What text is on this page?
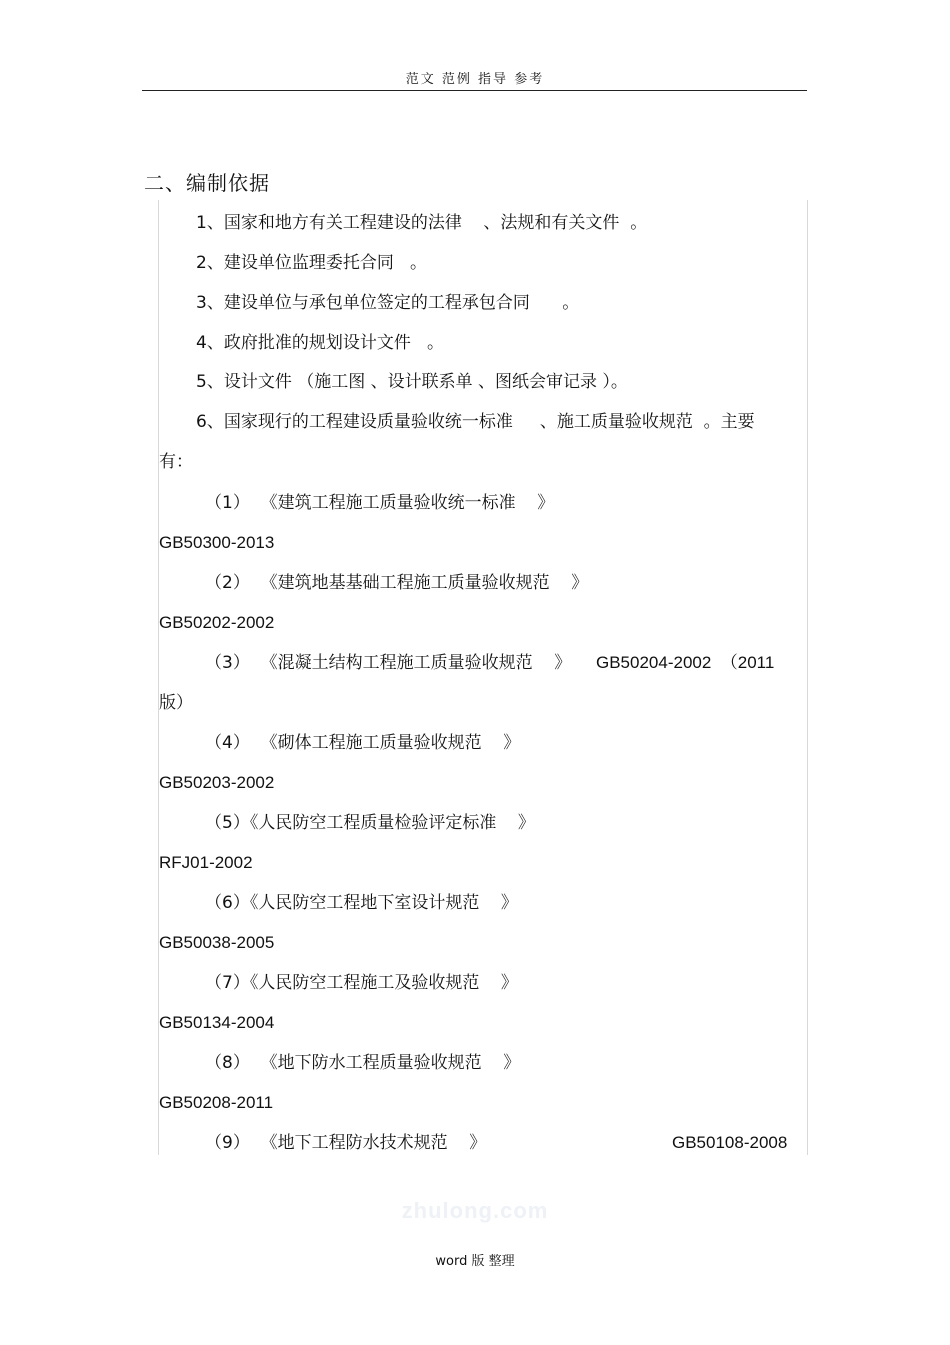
范文 范例 指导 参考
二、编制依据
1、国家和地方有关工程建设的法律    、法规和有关文件  。
2、建设单位监理委托合同   。
3、建设单位与承包单位签定的工程承包合同      。
4、政府批准的规划设计文件   。
5、设计文件 （施工图 、设计联系单 、图纸会审记录 ）。
6、国家现行的工程建设质量验收统一标准     、施工质量验收规范  。主要
有：
（1）  《建筑工程施工质量验收统一标准    》
GB50300-2013
（2）  《建筑地基基础工程施工质量验收规范    》
GB50202-2002
（3）  《混凝土结构工程施工质量验收规范    》 GB50204-2002  （2011
版）
（4）  《砌体工程施工质量验收规范    》
GB50203-2002
（5）《人民防空工程质量检验评定标准    》
RFJ01-2002
（6）《人民防空工程地下室设计规范    》
GB50038-2005
（7）《人民防空工程施工及验收规范    》
GB50134-2004
（8）  《地下防水工程质量验收规范    》
GB50208-2011
（9）  《地下工程防水技术规范    》	GB50108-2008
zhulong.com
word 版 整理
